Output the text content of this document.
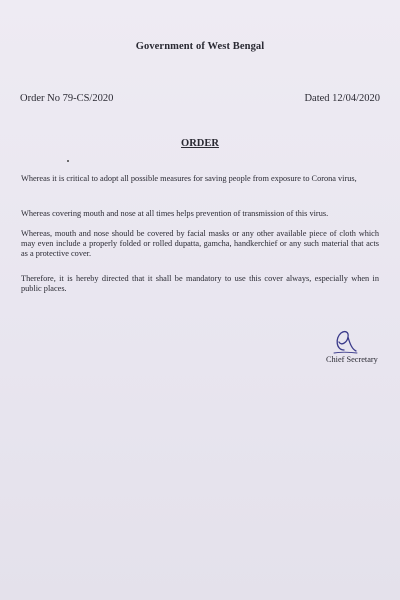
Government of West Bengal
Order No 79-CS/2020	Dated 12/04/2020
ORDER

Whereas it is critical to adopt all possible measures for saving people from exposure to Corona virus,

Whereas covering mouth and nose at all times helps prevention of transmission of this virus.

Whereas, mouth and nose should be covered by facial masks or any other available piece of cloth which may even include a properly folded or rolled dupatta, gamcha, handkerchief or any such material that acts as a protective cover.

Therefore, it is hereby directed that it shall be mandatory to use this cover always, especially when in public places.

Chief Secretary
